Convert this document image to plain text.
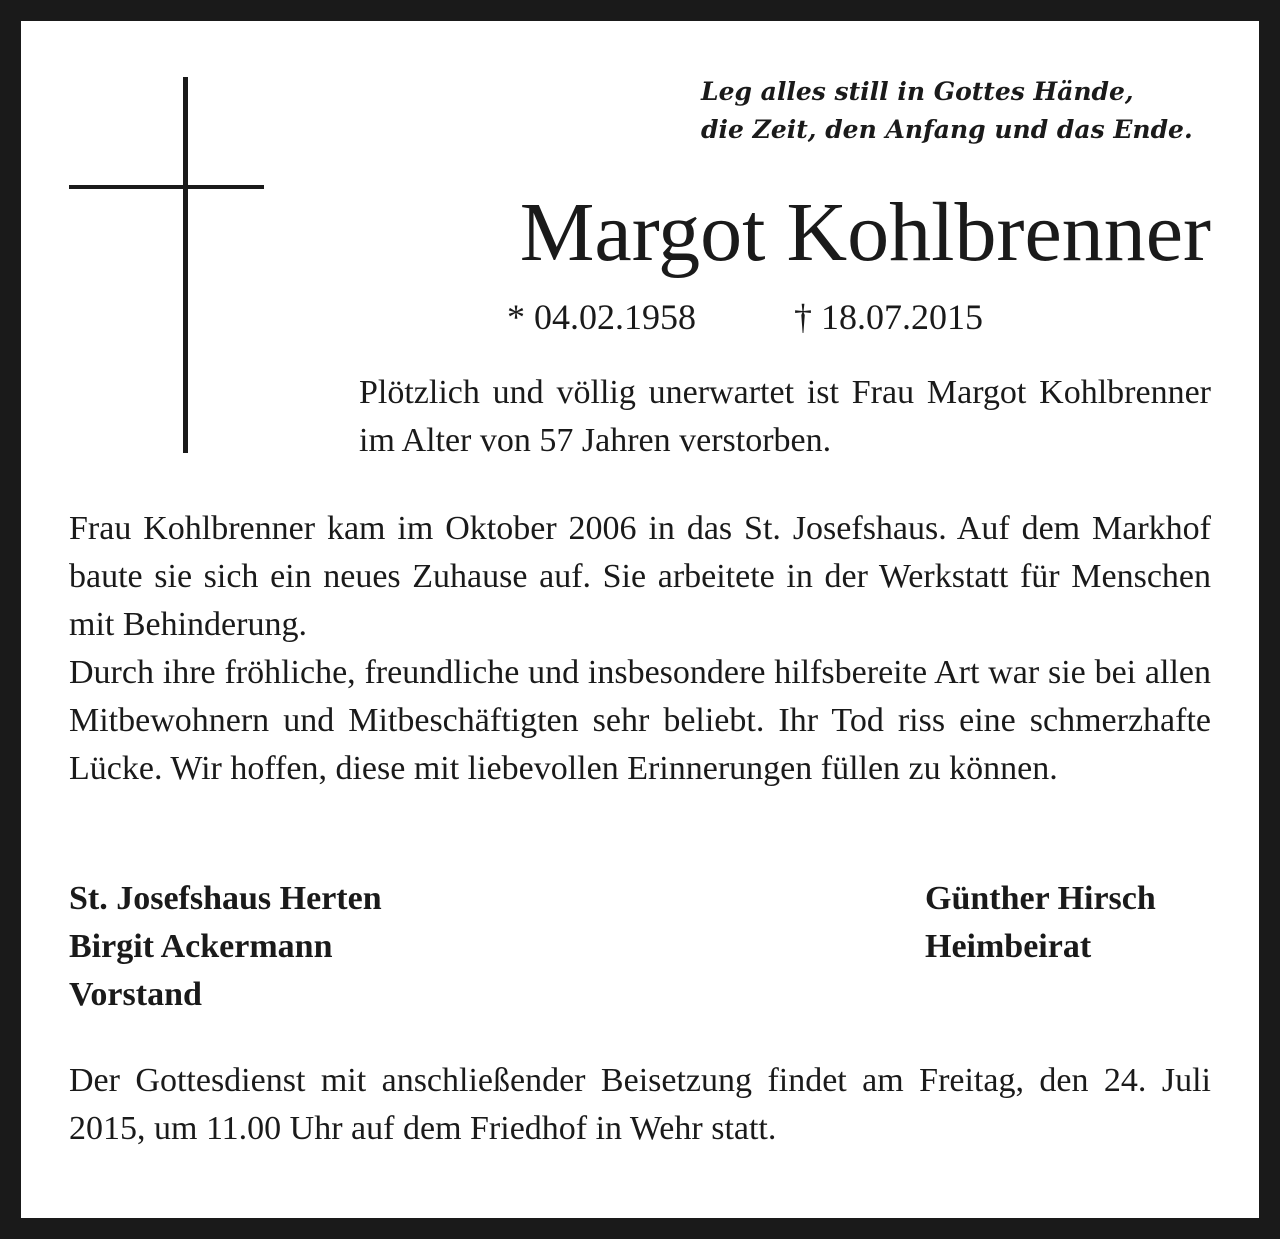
Leg alles still in Gottes Hände,
die Zeit, den Anfang und das Ende.
Margot Kohlbrenner
* 04.02.1958	† 18.07.2015
Plötzlich und völlig unerwartet ist Frau Margot Kohlbrenner im Alter von 57 Jahren verstorben.

Frau Kohlbrenner kam im Oktober 2006 in das St. Josefshaus. Auf dem Markhof baute sie sich ein neues Zuhause auf. Sie arbeitete in der Werkstatt für Menschen mit Behinderung.

Durch ihre fröhliche, freundliche und insbesondere hilfsbereite Art war sie bei allen Mitbewohnern und Mitbeschäftigten sehr beliebt. Ihr Tod riss eine schmerzhafte Lücke. Wir hoffen, diese mit liebevollen Erinnerungen füllen zu können.

St. Josefshaus Herten
Birgit Ackermann
Vorstand
Günther Hirsch
Heimbeirat
Der Gottesdienst mit anschließender Beisetzung findet am Freitag, den 24. Juli 2015, um 11.00 Uhr auf dem Friedhof in Wehr statt.
